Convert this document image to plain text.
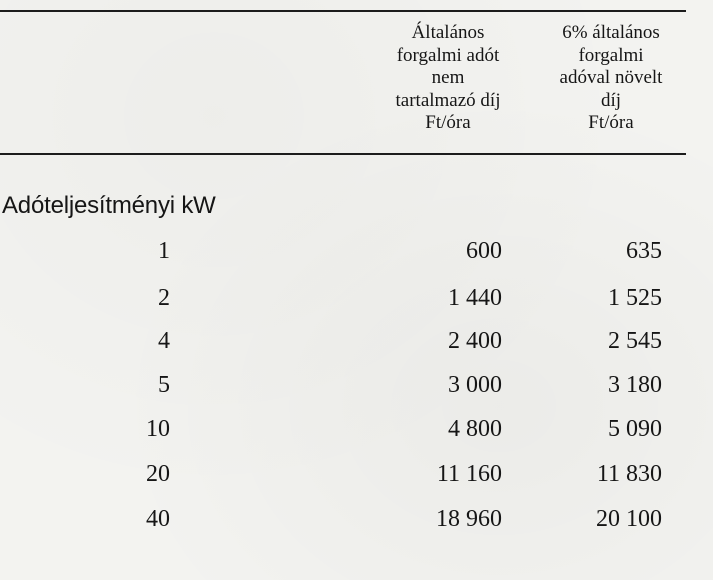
Általános
forgalmi adót
nem
tartalmazó díj
Ft/óra
6% általános
forgalmi
adóval növelt
díj
Ft/óra
Adóteljesítményi kW
1	600	635
2	1 440	1 525
4	2 400	2 545
5	3 000	3 180
10	4 800	5 090
20	11 160	11 830
40	18 960	20 100
